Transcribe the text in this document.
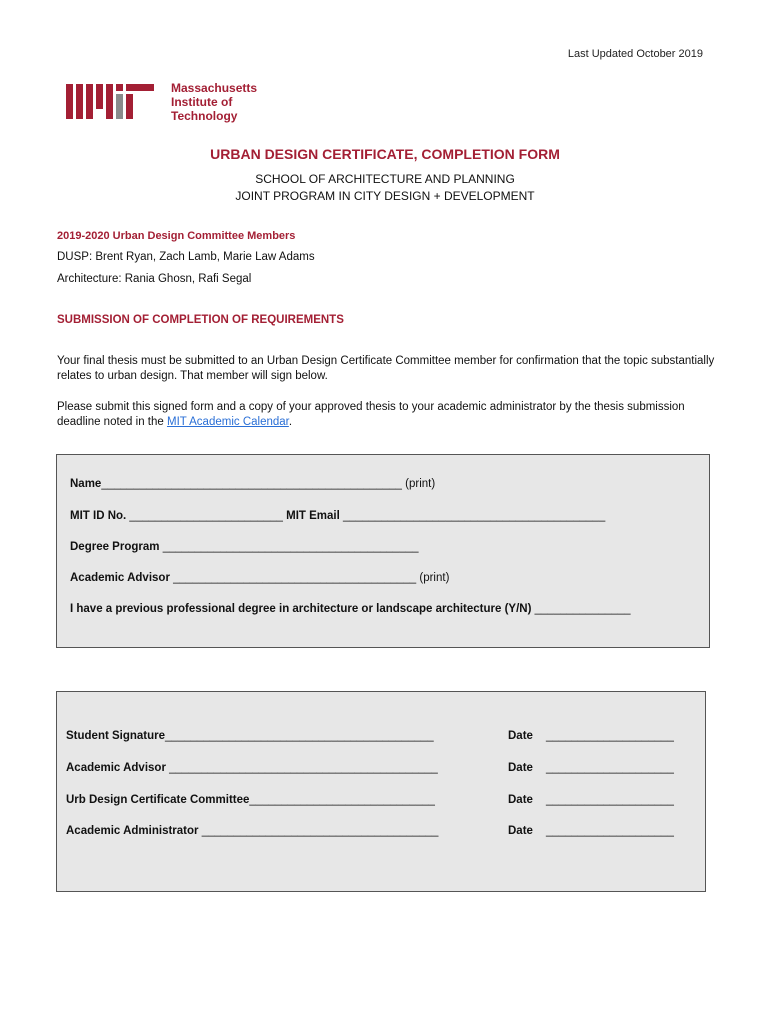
Last Updated October 2019
Massachusetts
Institute of
Technology
URBAN DESIGN CERTIFICATE, COMPLETION FORM
SCHOOL OF ARCHITECTURE AND PLANNING
JOINT PROGRAM IN CITY DESIGN + DEVELOPMENT
2019-2020 Urban Design Committee Members
DUSP: Brent Ryan, Zach Lamb, Marie Law Adams
Architecture: Rania Ghosn, Rafi Segal
SUBMISSION OF COMPLETION OF REQUIREMENTS
Your final thesis must be submitted to an Urban Design Certificate Committee member for confirmation that the topic substantially relates to urban design. That member will sign below.
Please submit this signed form and a copy of your approved thesis to your academic administrator by the thesis submission deadline noted in the MIT Academic Calendar.
Name_______________________________________________ (print)
MIT ID No. ________________________ MIT Email _________________________________________
Degree Program ________________________________________
Academic Advisor ______________________________________ (print)
I have a previous professional degree in architecture or landscape architecture (Y/N) _______________
Student Signature__________________________________________	Date ____________________
Academic Advisor __________________________________________	Date ____________________
Urb Design Certificate Committee_____________________________	Date ____________________
Academic Administrator _____________________________________	Date ____________________
